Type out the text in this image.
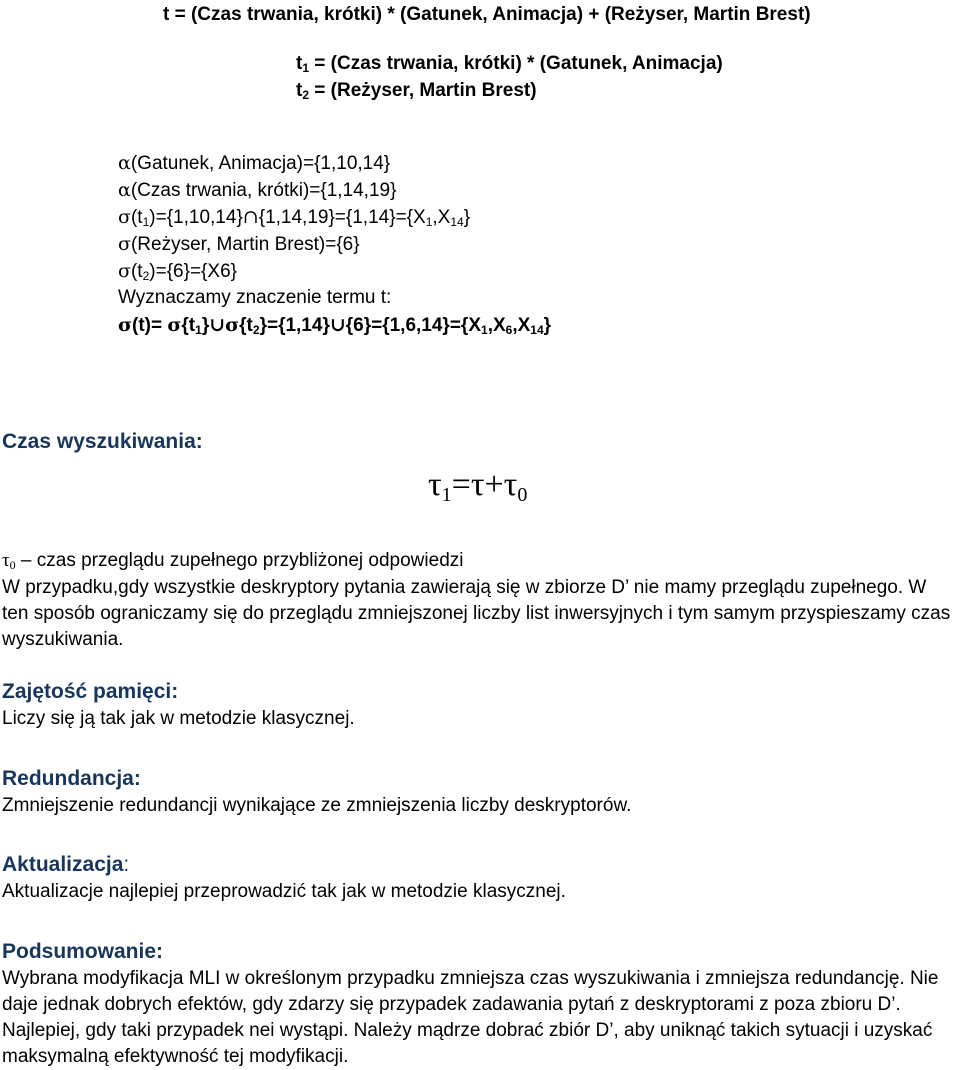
t = (Czas trwania, krótki) * (Gatunek, Animacja) + (Reżyser, Martin Brest)
$t_1$ = (Czas trwania, krótki) * (Gatunek, Animacja)
$t_2$ = (Reżyser, Martin Brest)
α(Gatunek, Animacja)={1,10,14}
α(Czas trwania, krótki)={1,14,19}
$\sigma(t_1)=\{1,10,14\}\cap\{1,14,19\}=\{1,14\}=\{X_1,X_{14}\}$
σ(Reżyser, Martin Brest)={6}
$\sigma(t_2)=\{6\}=\{X6\}$
Wyznaczamy znaczenie termu t:
$\sigma(t)= \sigma\{t_1\}\cup\sigma\{t_2\}=\{1,14\}\cup\{6\}=\{1,6,14\}=\{X_1,X_6,X_{14}\}$
Czas wyszukiwania:
$\tau_1=\tau+\tau_0$
$\tau_0$ – czas przeglądu zupełnego przybliżonej odpowiedzi
W przypadku,gdy wszystkie deskryptory pytania zawierają się w zbiorze D’ nie mamy przeglądu zupełnego. W ten sposób ograniczamy się do przeglądu zmniejszonej liczby list inwersyjnych i tym samym przyspieszamy czas wyszukiwania.
Zajętość pamięci:
Liczy się ją tak jak w metodzie klasycznej.
Redundancja:
Zmniejszenie redundancji wynikające ze zmniejszenia liczby deskryptorów.
Aktualizacja:
Aktualizacje najlepiej przeprowadzić tak jak w metodzie klasycznej.
Podsumowanie:
Wybrana modyfikacja MLI w określonym przypadku zmniejsza czas wyszukiwania i zmniejsza redundancję. Nie daje jednak dobrych efektów, gdy zdarzy się przypadek zadawania pytań z deskryptorami z poza zbioru D’. Najlepiej, gdy taki przypadek nei wystąpi. Należy mądrze dobrać zbiór D’, aby uniknąć takich sytuacji i uzyskać maksymalną efektywność tej modyfikacji.
